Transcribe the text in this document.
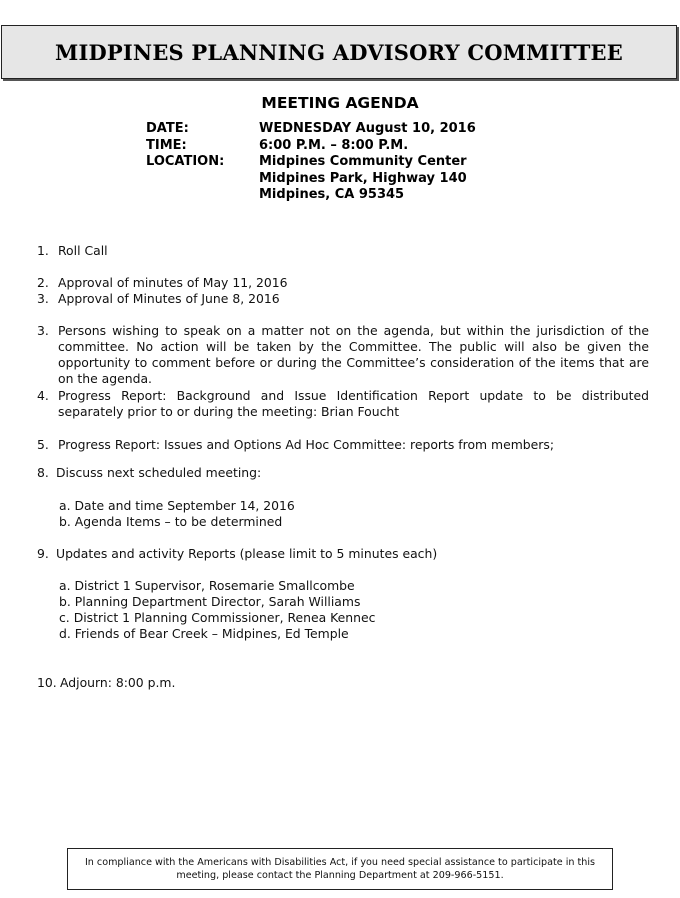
MIDPINES PLANNING ADVISORY COMMITTEE
MEETING AGENDA
DATE:	WEDNESDAY August 10, 2016
TIME:	6:00 P.M. – 8:00 P.M.
LOCATION:	Midpines Community Center
Midpines Park, Highway 140
Midpines, CA 95345
1. Roll Call
2. Approval of minutes of May 11, 2016
3. Approval of Minutes of June 8, 2016
3. Persons wishing to speak on a matter not on the agenda, but within the jurisdiction of the committee. No action will be taken by the Committee. The public will also be given the opportunity to comment before or during the Committee’s consideration of the items that are on the agenda.
4. Progress Report: Background and Issue Identification Report update to be distributed separately prior to or during the meeting: Brian Foucht
5. Progress Report: Issues and Options Ad Hoc Committee: reports from members;
8. Discuss next scheduled meeting:
a. Date and time September 14, 2016
b. Agenda Items – to be determined
9. Updates and activity Reports (please limit to 5 minutes each)
a. District 1 Supervisor, Rosemarie Smallcombe
b. Planning Department Director, Sarah Williams
c. District 1 Planning Commissioner, Renea Kennec
d. Friends of Bear Creek – Midpines, Ed Temple
10. Adjourn: 8:00 p.m.
In compliance with the Americans with Disabilities Act, if you need special assistance to participate in this meeting, please contact the Planning Department at 209-966-5151.
